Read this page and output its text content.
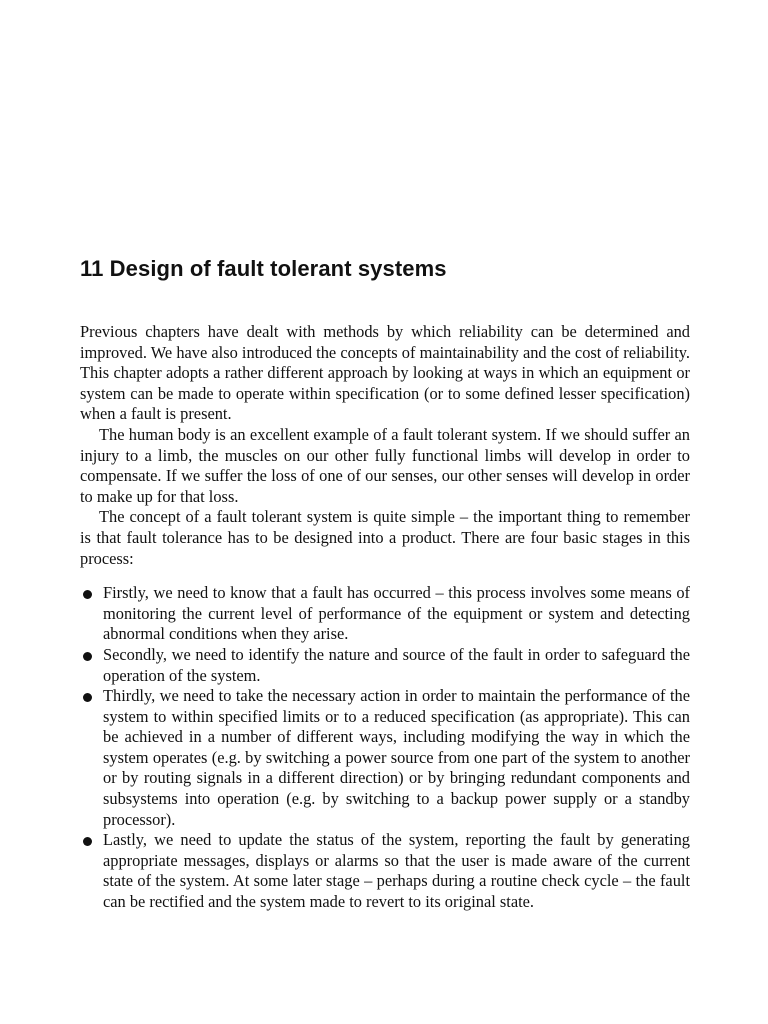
11 Design of fault tolerant systems

Previous chapters have dealt with methods by which reliability can be determined and improved. We have also introduced the concepts of maintainability and the cost of reliability. This chapter adopts a rather different approach by looking at ways in which an equipment or system can be made to operate within specification (or to some defined lesser specification) when a fault is present.

The human body is an excellent example of a fault tolerant system. If we should suffer an injury to a limb, the muscles on our other fully functional limbs will develop in order to compensate. If we suffer the loss of one of our senses, our other senses will develop in order to make up for that loss.

The concept of a fault tolerant system is quite simple – the important thing to remember is that fault tolerance has to be designed into a product. There are four basic stages in this process:

Firstly, we need to know that a fault has occurred – this process involves some means of monitoring the current level of performance of the equipment or system and detecting abnormal conditions when they arise.
Secondly, we need to identify the nature and source of the fault in order to safeguard the operation of the system.
Thirdly, we need to take the necessary action in order to maintain the performance of the system to within specified limits or to a reduced specification (as appropriate). This can be achieved in a number of different ways, including modifying the way in which the system operates (e.g. by switching a power source from one part of the system to another or by routing signals in a different direction) or by bringing redundant components and subsystems into operation (e.g. by switching to a backup power supply or a standby processor).
Lastly, we need to update the status of the system, reporting the fault by generating appropriate messages, displays or alarms so that the user is made aware of the current state of the system. At some later stage – perhaps during a routine check cycle – the fault can be rectified and the system made to revert to its original state.
